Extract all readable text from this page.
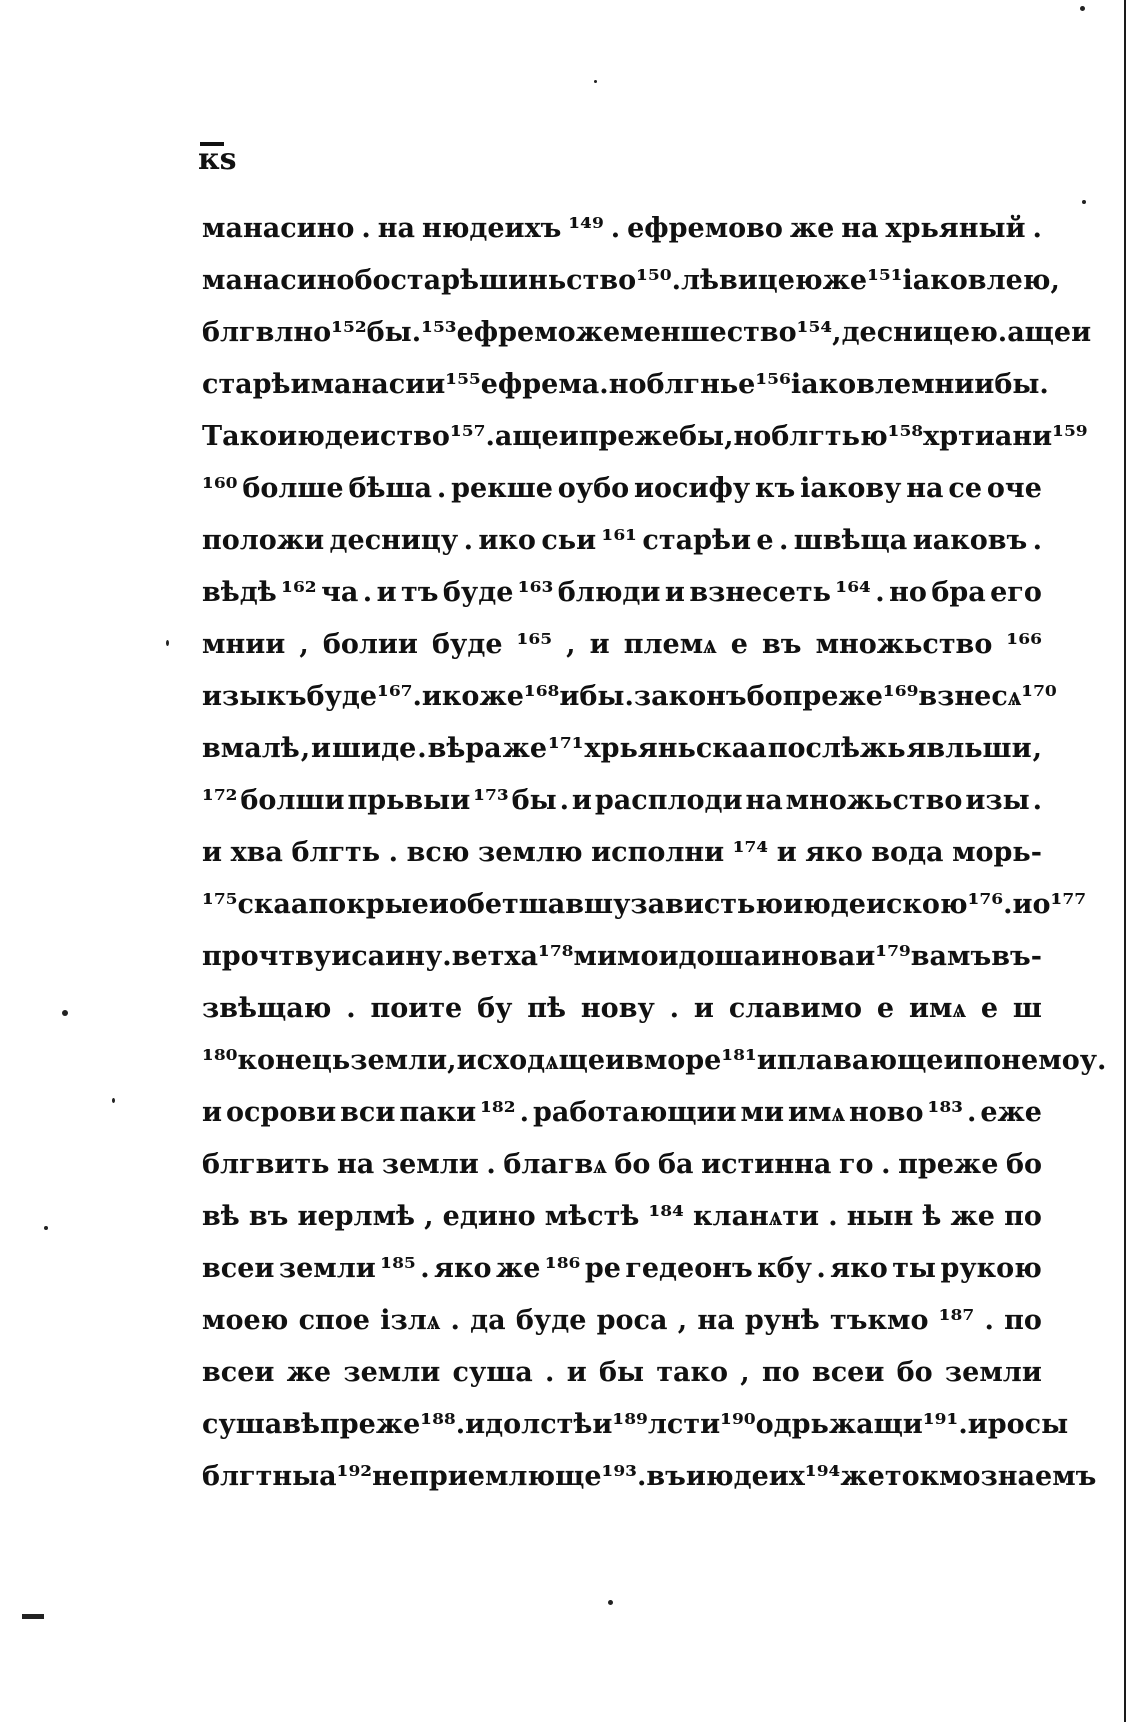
кѕ
манасино . на нюдеихъ ¹⁴⁹ . ефремово же на хрьяный .
манасино бо старѣшиньство ¹⁵⁰ . лѣвицею же ¹⁵¹ іаковлею ,
блгвлно ¹⁵² бы . ¹⁵³ ефремо же меншество ¹⁵⁴ , десницею . аще и
старѣи манасии ¹⁵⁵ ефрема . но блгнье ¹⁵⁶ іаковле мнии бы .
Тако июдеиство ¹⁵⁷ . аще и преже бы , но блгтью ¹⁵⁸ хртиани ¹⁵⁹
¹⁶⁰ болше бѣша . рекше оубо иосифу къ іакову на се оче
положи десницу . ико сьи ¹⁶¹ старѣи е . швѣща иаковъ .
вѣдѣ ¹⁶² ча . и тъ буде ¹⁶³ блюди и взнесеть ¹⁶⁴ . но бра его
мнии , болии буде ¹⁶⁵ , и племѧ е въ множьство ¹⁶⁶
изыкъ буде ¹⁶⁷ . ико же ¹⁶⁸ и бы . законъ бо преже ¹⁶⁹ взнесѧ ¹⁷⁰
вмалѣ , и шиде . вѣра же ¹⁷¹ хрьяньскаа послѣжь явльши ,
¹⁷² болши прьвыи ¹⁷³ бы . и расплоди на множьство изы .
и хва блгть . всю землю исполни ¹⁷⁴ и яко вода морь-
¹⁷⁵ скаа покры еи обетшавшу завистью июдеискою ¹⁷⁶ . и о ¹⁷⁷
прочтву исаину . ветха ¹⁷⁸ мимо идоша и новаи ¹⁷⁹ вамъ въ-
звѣщаю . поите бу пѣ нову . и славимо е имѧ е ш
¹⁸⁰ конець земли , и сходѧщеи вморе ¹⁸¹ и плавающеи по немоу .
и осрови вси паки ¹⁸² . работающии ми имѧ ново ¹⁸³ . еже
блгвить на земли . благвѧ бо ба истинна го . преже бо
вѣ въ иерлмѣ , едино мѣстѣ ¹⁸⁴ кланѧти . нын ѣ же по
всеи земли ¹⁸⁵ . яко же ¹⁸⁶ ре гедеонъ кбу . яко ты рукою
моею спое ізлѧ . да буде роса , на рунѣ тъкмо ¹⁸⁷ . по
всеи же земли суша . и бы тако , по всеи бо земли
суша вѣ преже ¹⁸⁸ . идолстѣи ¹⁸⁹ лсти ¹⁹⁰ одрьжащи ¹⁹¹ . и росы
блгтныа ¹⁹² не приемлюще ¹⁹³ . въ июдеих ¹⁹⁴ же токмо знаемъ
